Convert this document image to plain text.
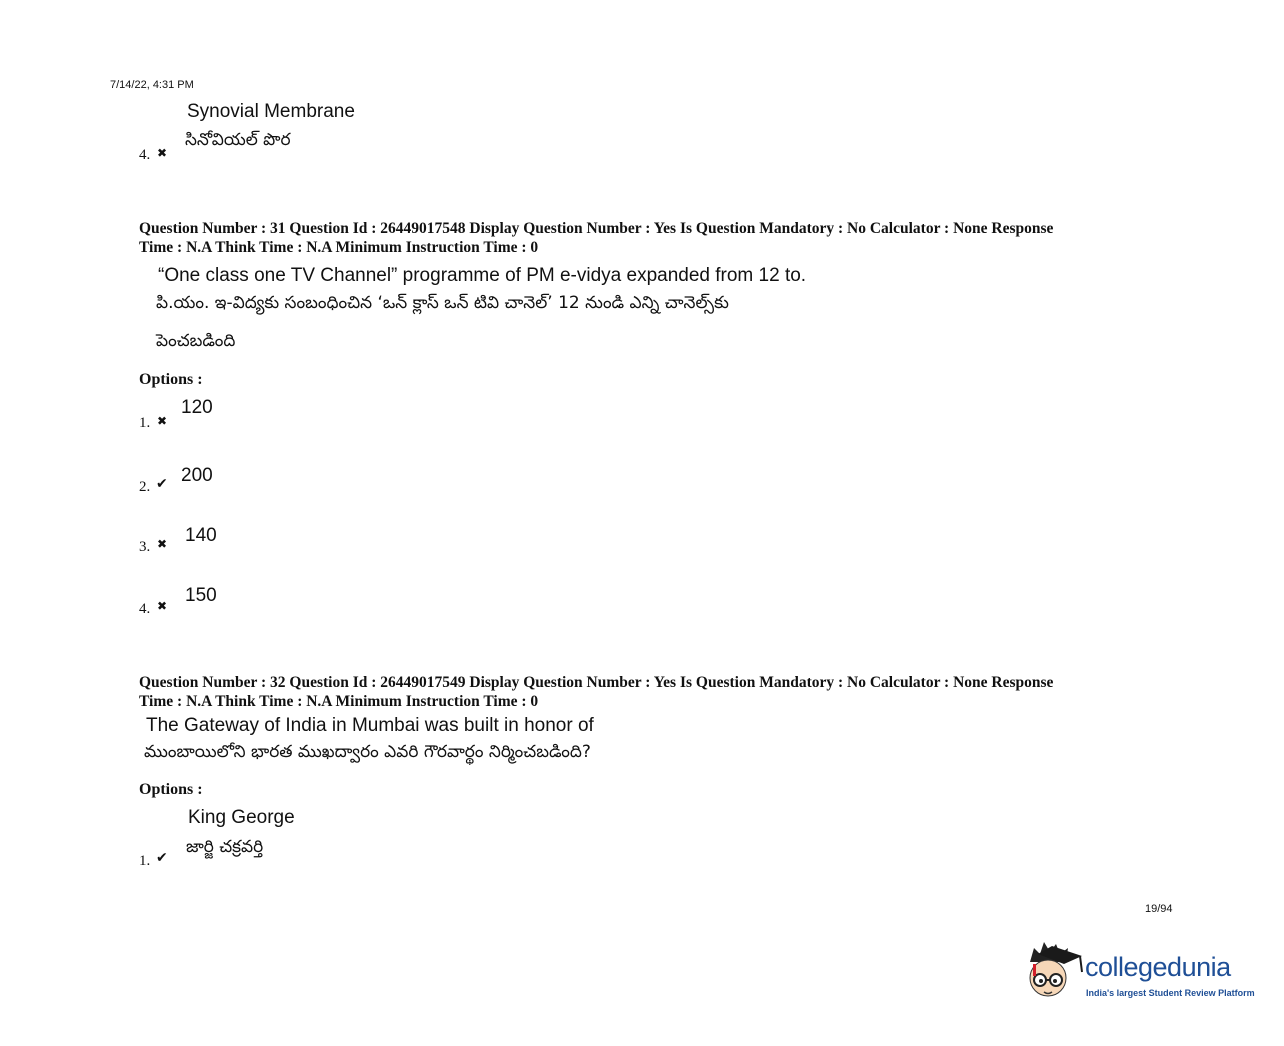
7/14/22, 4:31 PM
Synovial Membrane
సినోవియల్ పొర
4. ✖
Question Number : 31 Question Id : 26449017548 Display Question Number : Yes Is Question Mandatory : No Calculator : None Response
Time : N.A Think Time : N.A Minimum Instruction Time : 0
“One class one TV Channel” programme of PM e-vidya expanded from 12 to.
పి.యం. ఇ-విద్యకు సంబంధించిన ‘ఒన్ క్లాస్ ఒన్ టివి చానెల్’ 12 నుండి ఎన్ని చానెల్స్‌కు
పెంచబడింది
Options :
1. ✖
120
2. ✔ 200
3. ✖ 140
4. ✖ 150
Question Number : 32 Question Id : 26449017549 Display Question Number : Yes Is Question Mandatory : No Calculator : None Response
Time : N.A Think Time : N.A Minimum Instruction Time : 0
The Gateway of India in Mumbai was built in honor of
ముంబాయిలోని భారత ముఖద్వారం ఎవరి గౌరవార్థం నిర్మించబడింది?
Options :
King George
జార్జి చక్రవర్తి
1. ✔
19/94
collegedunia
India's largest Student Review Platform
